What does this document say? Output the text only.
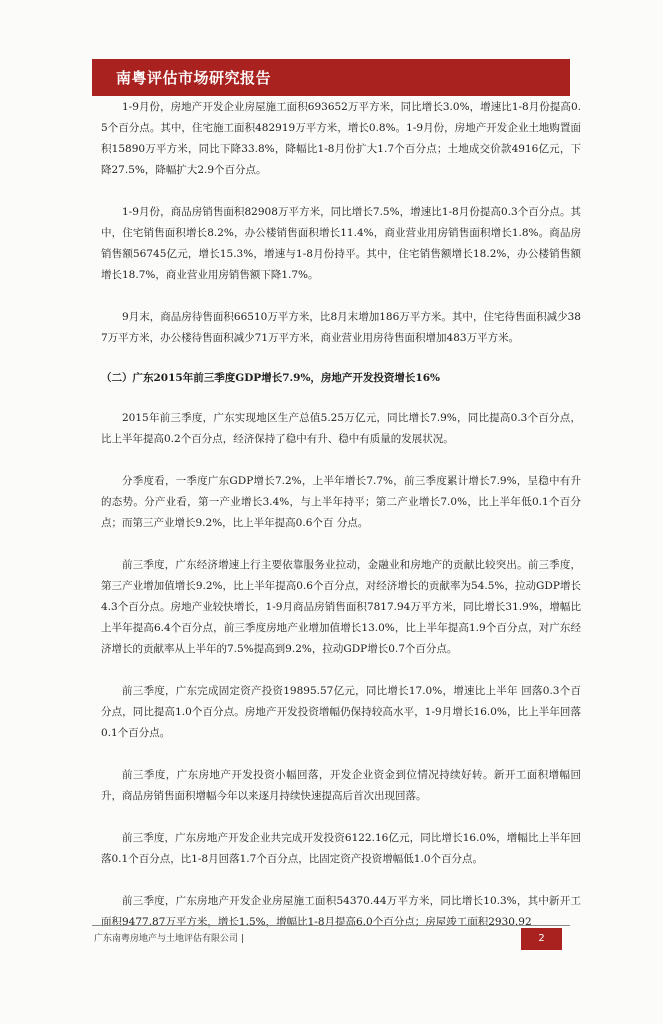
南粤评估市场研究报告

1-9月份，房地产开发企业房屋施工面积693652万平方米，同比增长3.0%，增速比1-8月份提高0.5个百分点。其中，住宅施工面积482919万平方米，增长0.8%。1-9月份，房地产开发企业土地购置面积15890万平方米，同比下降33.8%，降幅比1-8月份扩大1.7个百分点；土地成交价款4916亿元，下降27.5%，降幅扩大2.9个百分点。

1-9月份，商品房销售面积82908万平方米，同比增长7.5%，增速比1-8月份提高0.3个百分点。其中，住宅销售面积增长8.2%，办公楼销售面积增长11.4%，商业营业用房销售面积增长1.8%。商品房销售额56745亿元，增长15.3%，增速与1-8月份持平。其中，住宅销售额增长18.2%，办公楼销售额增长18.7%，商业营业用房销售额下降1.7%。

9月末，商品房待售面积66510万平方米，比8月末增加186万平方米。其中，住宅待售面积减少387万平方米，办公楼待售面积减少71万平方米，商业营业用房待售面积增加483万平方米。

（二）广东2015年前三季度GDP增长7.9%，房地产开发投资增长16%

2015年前三季度，广东实现地区生产总值5.25万亿元，同比增长7.9%，同比提高0.3个百分点，比上半年提高0.2个百分点，经济保持了稳中有升、稳中有质量的发展状况。

分季度看，一季度广东GDP增长7.2%，上半年增长7.7%，前三季度累计增长7.9%，呈稳中有升的态势。分产业看，第一产业增长3.4%，与上半年持平；第二产业增长7.0%，比上半年低0.1个百分点；而第三产业增长9.2%，比上半年提高0.6个百 分点。

前三季度，广东经济增速上行主要依靠服务业拉动，金融业和房地产的贡献比较突出。前三季度，第三产业增加值增长9.2%，比上半年提高0.6个百分点，对经济增长的贡献率为54.5%，拉动GDP增长4.3个百分点。房地产业较快增长，1-9月商品房销售面积7817.94万平方米，同比增长31.9%，增幅比上半年提高6.4个百分点，前三季度房地产业增加值增长13.0%，比上半年提高1.9个百分点，对广东经济增长的贡献率从上半年的7.5%提高到9.2%，拉动GDP增长0.7个百分点。

前三季度，广东完成固定资产投资19895.57亿元，同比增长17.0%，增速比上半年 回落0.3个百分点，同比提高1.0个百分点。房地产开发投资增幅仍保持较高水平，1-9月增长16.0%，比上半年回落0.1个百分点。

前三季度，广东房地产开发投资小幅回落，开发企业资金到位情况持续好转。新开工面积增幅回升，商品房销售面积增幅今年以来逐月持续快速提高后首次出现回落。

前三季度，广东房地产开发企业共完成开发投资6122.16亿元，同比增长16.0%，增幅比上半年回落0.1个百分点，比1-8月回落1.7个百分点，比固定资产投资增幅低1.0个百分点。

前三季度，广东房地产开发企业房屋施工面积54370.44万平方米，同比增长10.3%，其中新开工面积9477.87万平方米，增长1.5%，增幅比1-8月提高6.0个百分点；房屋竣工面积2930.92

广东南粤房地产与土地评估有限公司 |	2
